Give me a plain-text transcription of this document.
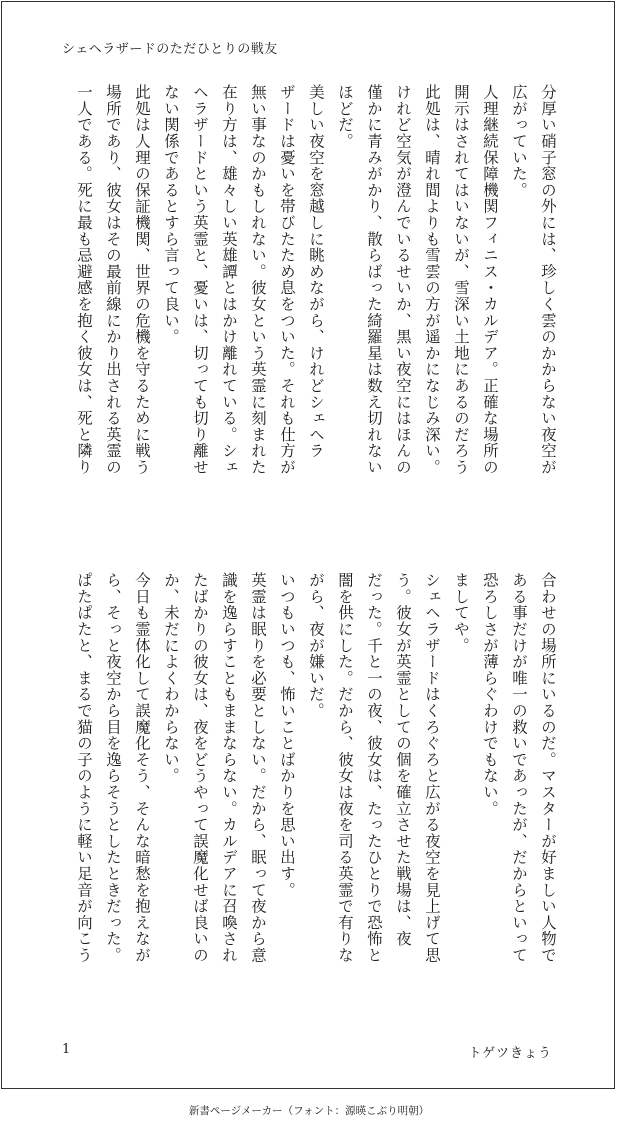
シェヘラザードのただひとりの戦友

分厚い硝子窓の外には、珍しく雲のかからない夜空が

広がっていた。

人理継続保障機関フィニス・カルデア。正確な場所の

開示はされてはいないが、雪深い土地にあるのだろう

此処は、晴れ間よりも雪雲の方が遥かになじみ深い。

けれど空気が澄んでいるせいか、黒い夜空にはほんの

僅かに青みがかり、散らばった綺羅星は数え切れない

ほどだ。

美しい夜空を窓越しに眺めながら、けれどシェヘラ

ザードは憂いを帯びたため息をついた。それも仕方が

無い事なのかもしれない。彼女という英霊に刻まれた

在り方は、雄々しい英雄譚とはかけ離れている。シェ

ヘラザードという英霊と、憂いは、切っても切り離せ

ない関係であるとすら言って良い。

此処は人理の保証機関、世界の危機を守るために戦う

場所であり、彼女はその最前線にかり出される英霊の

一人である。死に最も忌避感を抱く彼女は、死と隣り

合わせの場所にいるのだ。マスターが好ましい人物で

ある事だけが唯一の救いであったが、だからといって

恐ろしさが薄らぐわけでもない。

ましてや。

シェヘラザードはくろぐろと広がる夜空を見上げて思

う。彼女が英霊としての個を確立させた戦場は、夜

だった。千と一の夜、彼女は、たったひとりで恐怖と

闇を供にした。だから、彼女は夜を司る英霊で有りな

がら、夜が嫌いだ。

いつもいつも、怖いことばかりを思い出す。

英霊は眠りを必要としない。だから、眠って夜から意

識を逸らすこともままならない。カルデアに召喚され

たばかりの彼女は、夜をどうやって誤魔化せば良いの

か、未だによくわからない。

今日も霊体化して誤魔化そう、そんな暗愁を抱えなが

ら、そっと夜空から目を逸らそうとしたときだった。

ぱたぱたと、まるで猫の子のように軽い足音が向こう

1	トゲツきょう
新書ページメーカー（フォント：源暎こぶり明朝）
